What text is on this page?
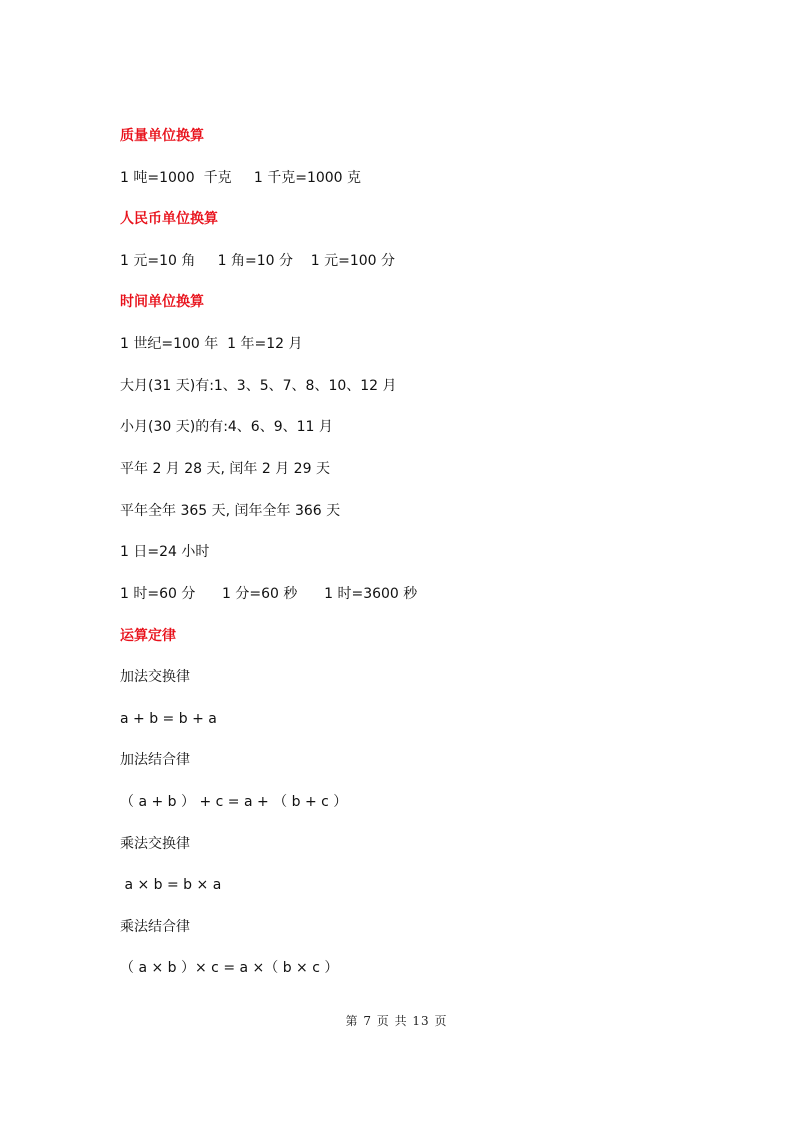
质量单位换算
1 吨=1000  千克     1 千克=1000 克
人民币单位换算
1 元=10 角     1 角=10 分    1 元=100 分
时间单位换算
1 世纪=100 年  1 年=12 月
大月(31 天)有:1、3、5、7、8、10、12 月
小月(30 天)的有:4、6、9、11 月
平年 2 月 28 天, 闰年 2 月 29 天
平年全年 365 天, 闰年全年 366 天
1 日=24 小时
1 时=60 分      1 分=60 秒      1 时=3600 秒
运算定律
加法交换律
a + b = b + a
加法结合律
（ a + b ） + c = a + （ b + c ）
乘法交换律
a × b = b × a
乘法结合律
（ a × b ）× c = a ×（ b × c ）
第 7 页 共 13 页
